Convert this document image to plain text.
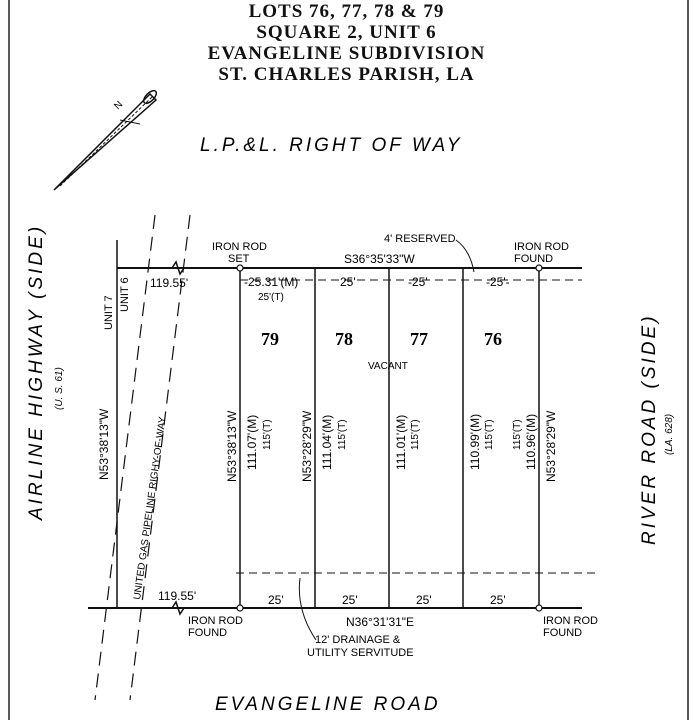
LOTS 76, 77, 78 & 79
SQUARE 2, UNIT 6
EVANGELINE SUBDIVISION
ST. CHARLES PARISH, LA
N
L.P.&L. RIGHT OF WAY
AIRLINE HIGHWAY (SIDE) (U. S. 61)	RIVER ROAD (SIDE) (LA. 628)
EVANGELINE ROAD
UNITED GAS PIPELINE RIGHY-OF-WAY
IRON ROD
SET
IRON ROD
FOUND
IRON ROD
FOUND
IRON ROD
FOUND
4' RESERVED
S36°35'33"W
119.55'	-25.31'(M)
25'(T)
25'	-25'	-25'-
UNIT 7
UNIT 6
N53°38'13"W
79	78	77	76
VACANT
N53°38'13"W 111.07'(M) 115'(T) N53°28'29"W 111.04'(M) 115'(T)	111.01'(M) 115'(T)	110.99'(M) 115'(T) 115'(T) 110.96'(M) N53°28'29"W
119.55'	25'	25'	25'	25'
N36°31'31"E
12' DRAINAGE &
UTILITY SERVITUDE
